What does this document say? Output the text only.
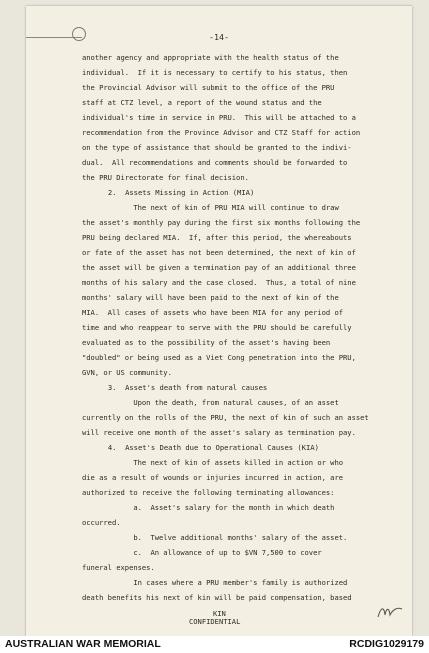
-14-
another agency and appropriate with the health status of the
individual.  If it is necessary to certify to his status, then
the Provincial Advisor will submit to the office of the PRU
staff at CTZ level, a report of the wound status and the
individual's time in service in PRU.  This will be attached to a
recommendation from the Province Advisor and CTZ Staff for action
on the type of assistance that should be granted to the indivi-
dual.  All recommendations and comments should be forwarded to
the PRU Directorate for final decision.
2.  Assets Missing in Action (MIA)
The next of kin of PRU MIA will continue to draw
the asset's monthly pay during the first six months following the
PRU being declared MIA.  If, after this period, the whereabouts
or fate of the asset has not been determined, the next of kin of
the asset will be given a termination pay of an additional three
months of his salary and the case closed.  Thus, a total of nine
months' salary will have been paid to the next of kin of the
MIA.  All cases of assets who have been MIA for any period of
time and who reappear to serve with the PRU should be carefully
evaluated as to the possibility of the asset's having been
"doubled" or being used as a Viet Cong penetration into the PRU,
GVN, or US community.
3.  Asset's death from natural causes
Upon the death, from natural causes, of an asset
currently on the rolls of the PRU, the next of kin of such an asset
will receive one month of the asset's salary as termination pay.
4.  Asset's Death due to Operational Causes (KIA)
The next of kin of assets killed in action or who
die as a result of wounds or injuries incurred in action, are
authorized to receive the following terminating allowances:
a.  Asset's salary for the month in which death
occurred.
b.  Twelve additional months' salary of the asset.
c.  An allowance of up to $VN 7,500 to cover
funeral expenses.
In cases where a PRU member's family is authorized
death benefits his next of kin will be paid compensation, based
KIN
CONFIDENTIAL
AUSTRALIAN WAR MEMORIAL	RCDIG1029179
